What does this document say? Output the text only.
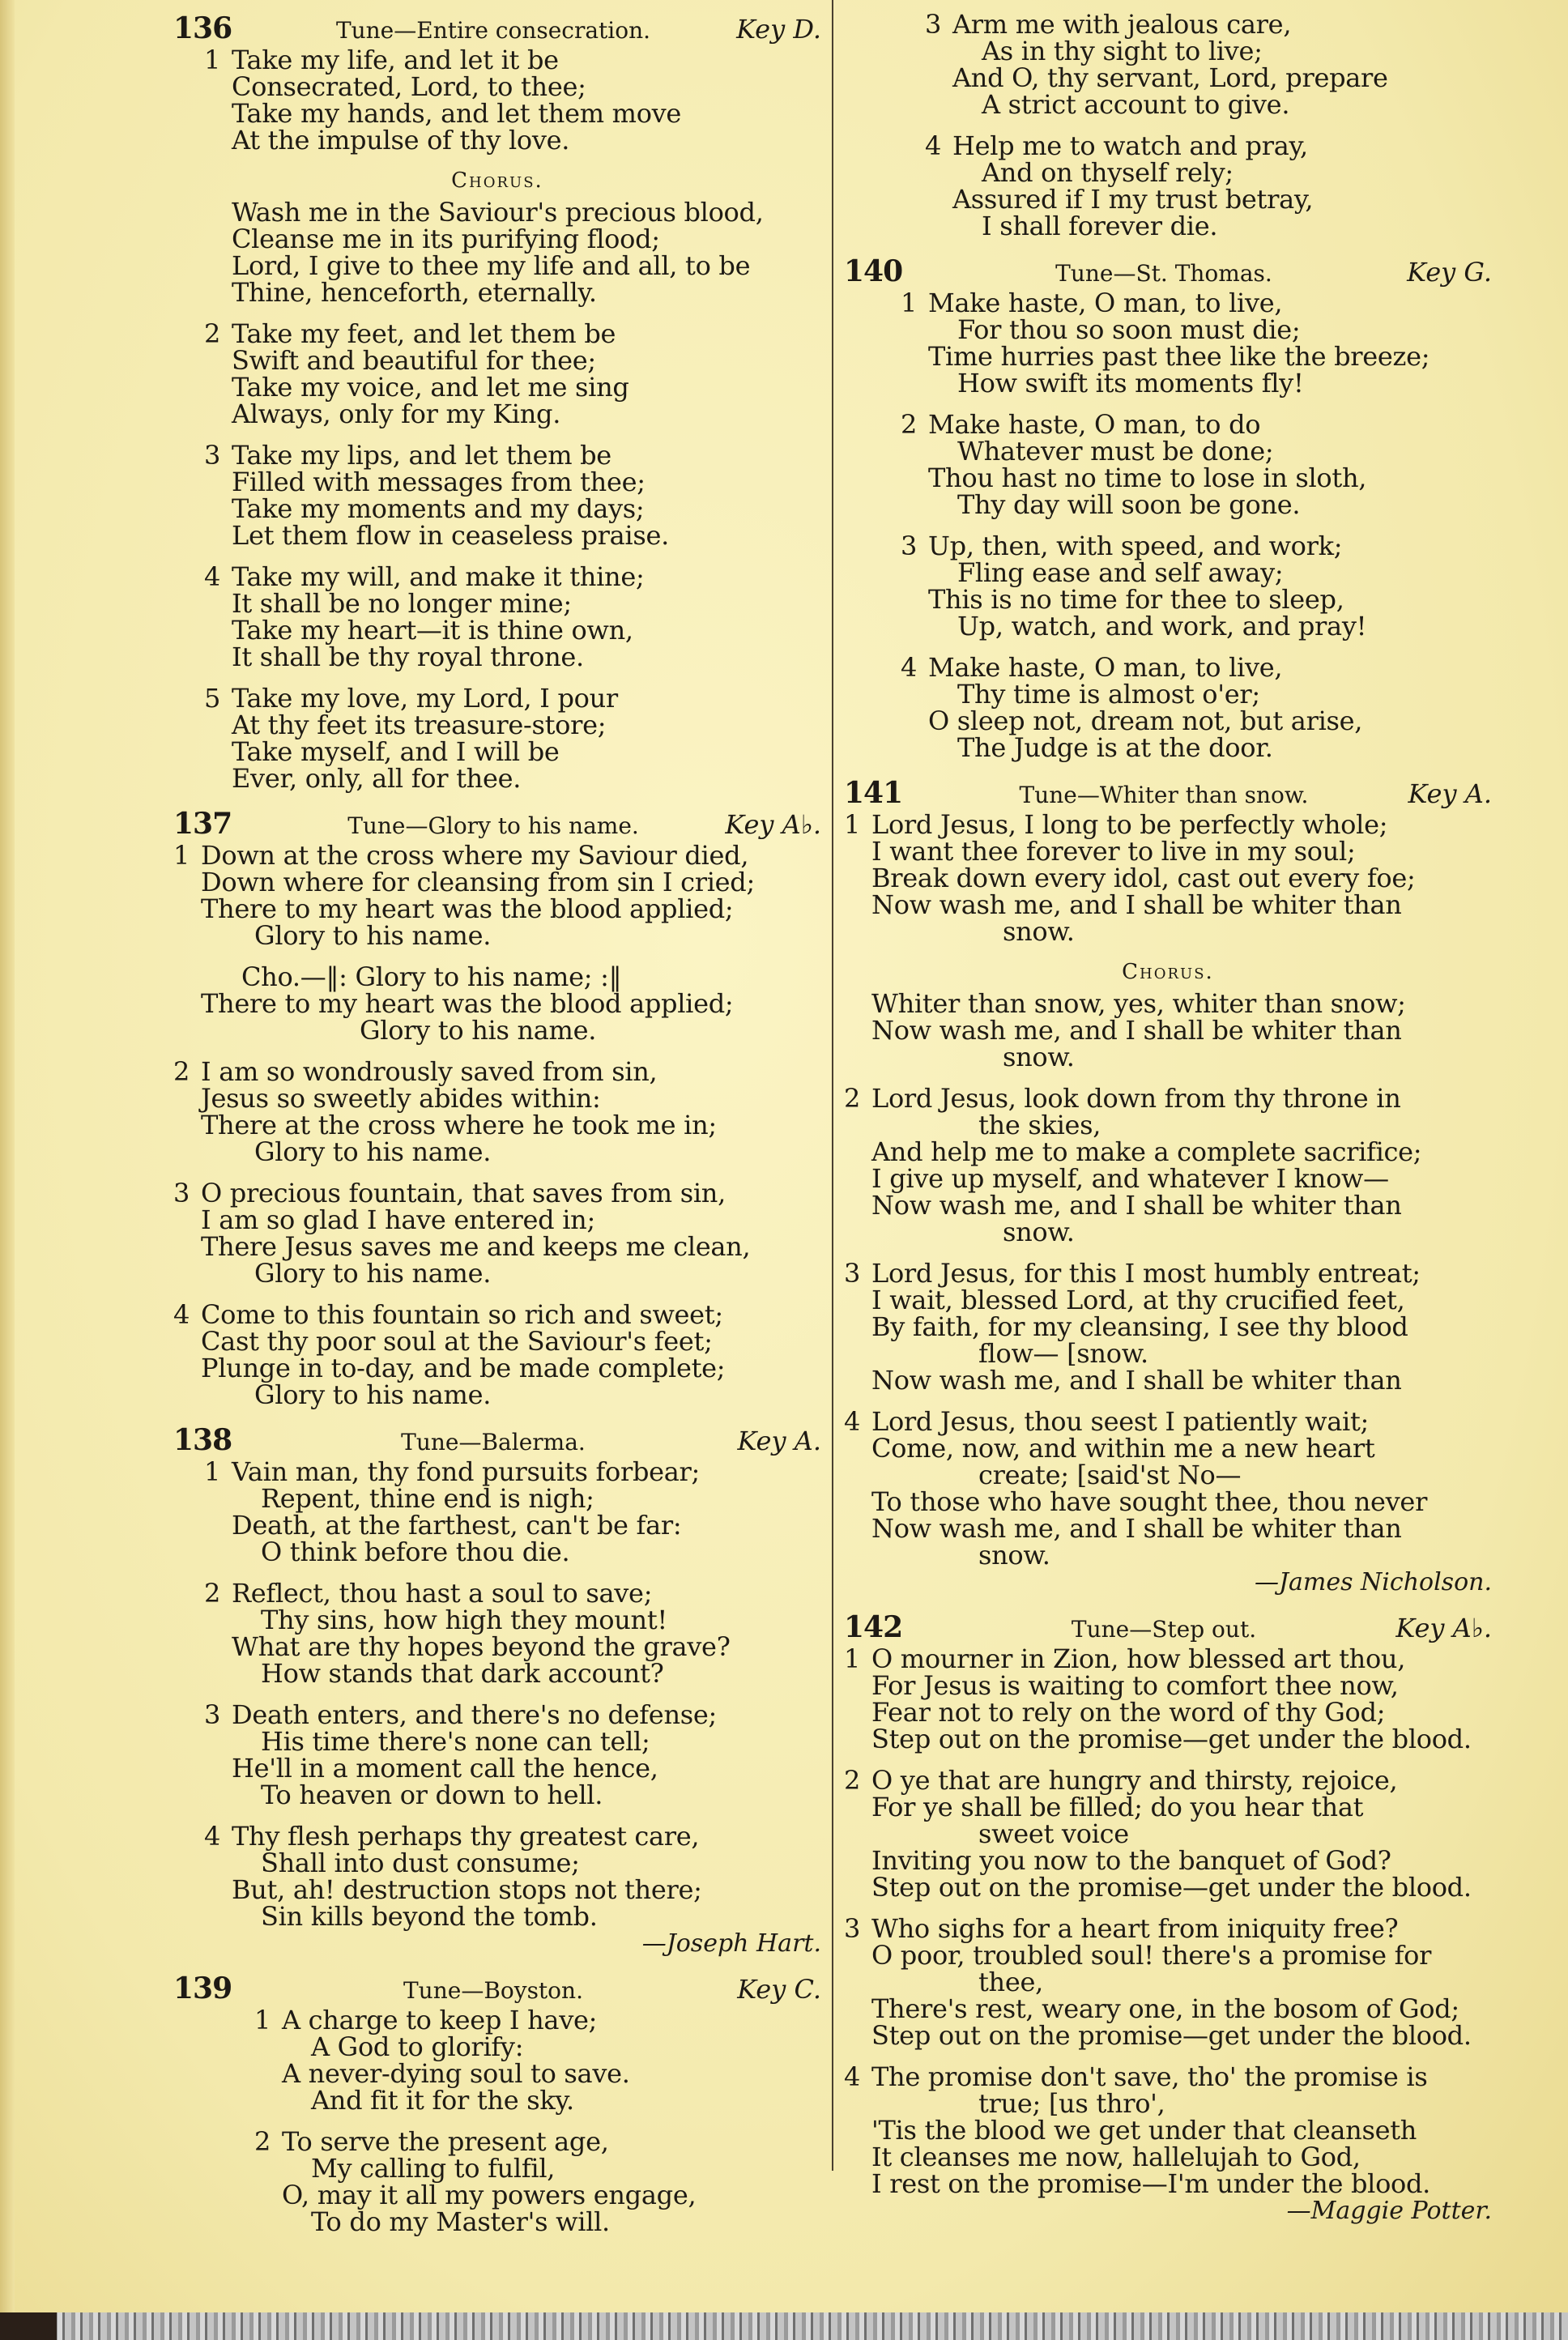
136	Tune—Entire consecration.	Key D.
1 Take my life, and let it be
Consecrated, Lord, to thee;
Take my hands, and let them move
At the impulse of thy love.
Chorus.
Wash me in the Saviour's precious blood,
Cleanse me in its purifying flood;
Lord, I give to thee my life and all, to be
Thine, henceforth, eternally.
2 Take my feet, and let them be
Swift and beautiful for thee;
Take my voice, and let me sing
Always, only for my King.
3 Take my lips, and let them be
Filled with messages from thee;
Take my moments and my days;
Let them flow in ceaseless praise.
4 Take my will, and make it thine;
It shall be no longer mine;
Take my heart—it is thine own,
It shall be thy royal throne.
5 Take my love, my Lord, I pour
At thy feet its treasure-store;
Take myself, and I will be
Ever, only, all for thee.
137	Tune—Glory to his name.	Key A♭.
1 Down at the cross where my Saviour died,
Down where for cleansing from sin I cried;
There to my heart was the blood applied;
Glory to his name.
Cho.—‖: Glory to his name; :‖
There to my heart was the blood applied;
Glory to his name.
2 I am so wondrously saved from sin,
Jesus so sweetly abides within:
There at the cross where he took me in;
Glory to his name.
3 O precious fountain, that saves from sin,
I am so glad I have entered in;
There Jesus saves me and keeps me clean,
Glory to his name.
4 Come to this fountain so rich and sweet;
Cast thy poor soul at the Saviour's feet;
Plunge in to-day, and be made complete;
Glory to his name.
138	Tune—Balerma.	Key A.
1 Vain man, thy fond pursuits forbear;
Repent, thine end is nigh;
Death, at the farthest, can't be far:
O think before thou die.
2 Reflect, thou hast a soul to save;
Thy sins, how high they mount!
What are thy hopes beyond the grave?
How stands that dark account?
3 Death enters, and there's no defense;
His time there's none can tell;
He'll in a moment call the hence,
To heaven or down to hell.
4 Thy flesh perhaps thy greatest care,
Shall into dust consume;
But, ah! destruction stops not there;
Sin kills beyond the tomb.
—Joseph Hart.
139	Tune—Boyston.	Key C.
1 A charge to keep I have;
A God to glorify:
A never-dying soul to save.
And fit it for the sky.
2 To serve the present age,
My calling to fulfil,
O, may it all my powers engage,
To do my Master's will.
3 Arm me with jealous care,
As in thy sight to live;
And O, thy servant, Lord, prepare
A strict account to give.
4 Help me to watch and pray,
And on thyself rely;
Assured if I my trust betray,
I shall forever die.
140	Tune—St. Thomas.	Key G.
1 Make haste, O man, to live,
For thou so soon must die;
Time hurries past thee like the breeze;
How swift its moments fly!
2 Make haste, O man, to do
Whatever must be done;
Thou hast no time to lose in sloth,
Thy day will soon be gone.
3 Up, then, with speed, and work;
Fling ease and self away;
This is no time for thee to sleep,
Up, watch, and work, and pray!
4 Make haste, O man, to live,
Thy time is almost o'er;
O sleep not, dream not, but arise,
The Judge is at the door.
141	Tune—Whiter than snow.	Key A.
1 Lord Jesus, I long to be perfectly whole;
I want thee forever to live in my soul;
Break down every idol, cast out every foe;
Now wash me, and I shall be whiter than
snow.
Chorus.
Whiter than snow, yes, whiter than snow;
Now wash me, and I shall be whiter than
snow.
2 Lord Jesus, look down from thy throne in
the skies,
And help me to make a complete sacrifice;
I give up myself, and whatever I know—
Now wash me, and I shall be whiter than
snow.
3 Lord Jesus, for this I most humbly entreat;
I wait, blessed Lord, at thy crucified feet,
By faith, for my cleansing, I see thy blood
flow— [snow.
Now wash me, and I shall be whiter than
4 Lord Jesus, thou seest I patiently wait;
Come, now, and within me a new heart
create; [said'st No—
To those who have sought thee, thou never
Now wash me, and I shall be whiter than
snow.
—James Nicholson.
142	Tune—Step out.	Key A♭.
1 O mourner in Zion, how blessed art thou,
For Jesus is waiting to comfort thee now,
Fear not to rely on the word of thy God;
Step out on the promise—get under the blood.
2 O ye that are hungry and thirsty, rejoice,
For ye shall be filled; do you hear that
sweet voice
Inviting you now to the banquet of God?
Step out on the promise—get under the blood.
3 Who sighs for a heart from iniquity free?
O poor, troubled soul! there's a promise for
thee,
There's rest, weary one, in the bosom of God;
Step out on the promise—get under the blood.
4 The promise don't save, tho' the promise is
true; [us thro',
'Tis the blood we get under that cleanseth
It cleanses me now, hallelujah to God,
I rest on the promise—I'm under the blood.
—Maggie Potter.
